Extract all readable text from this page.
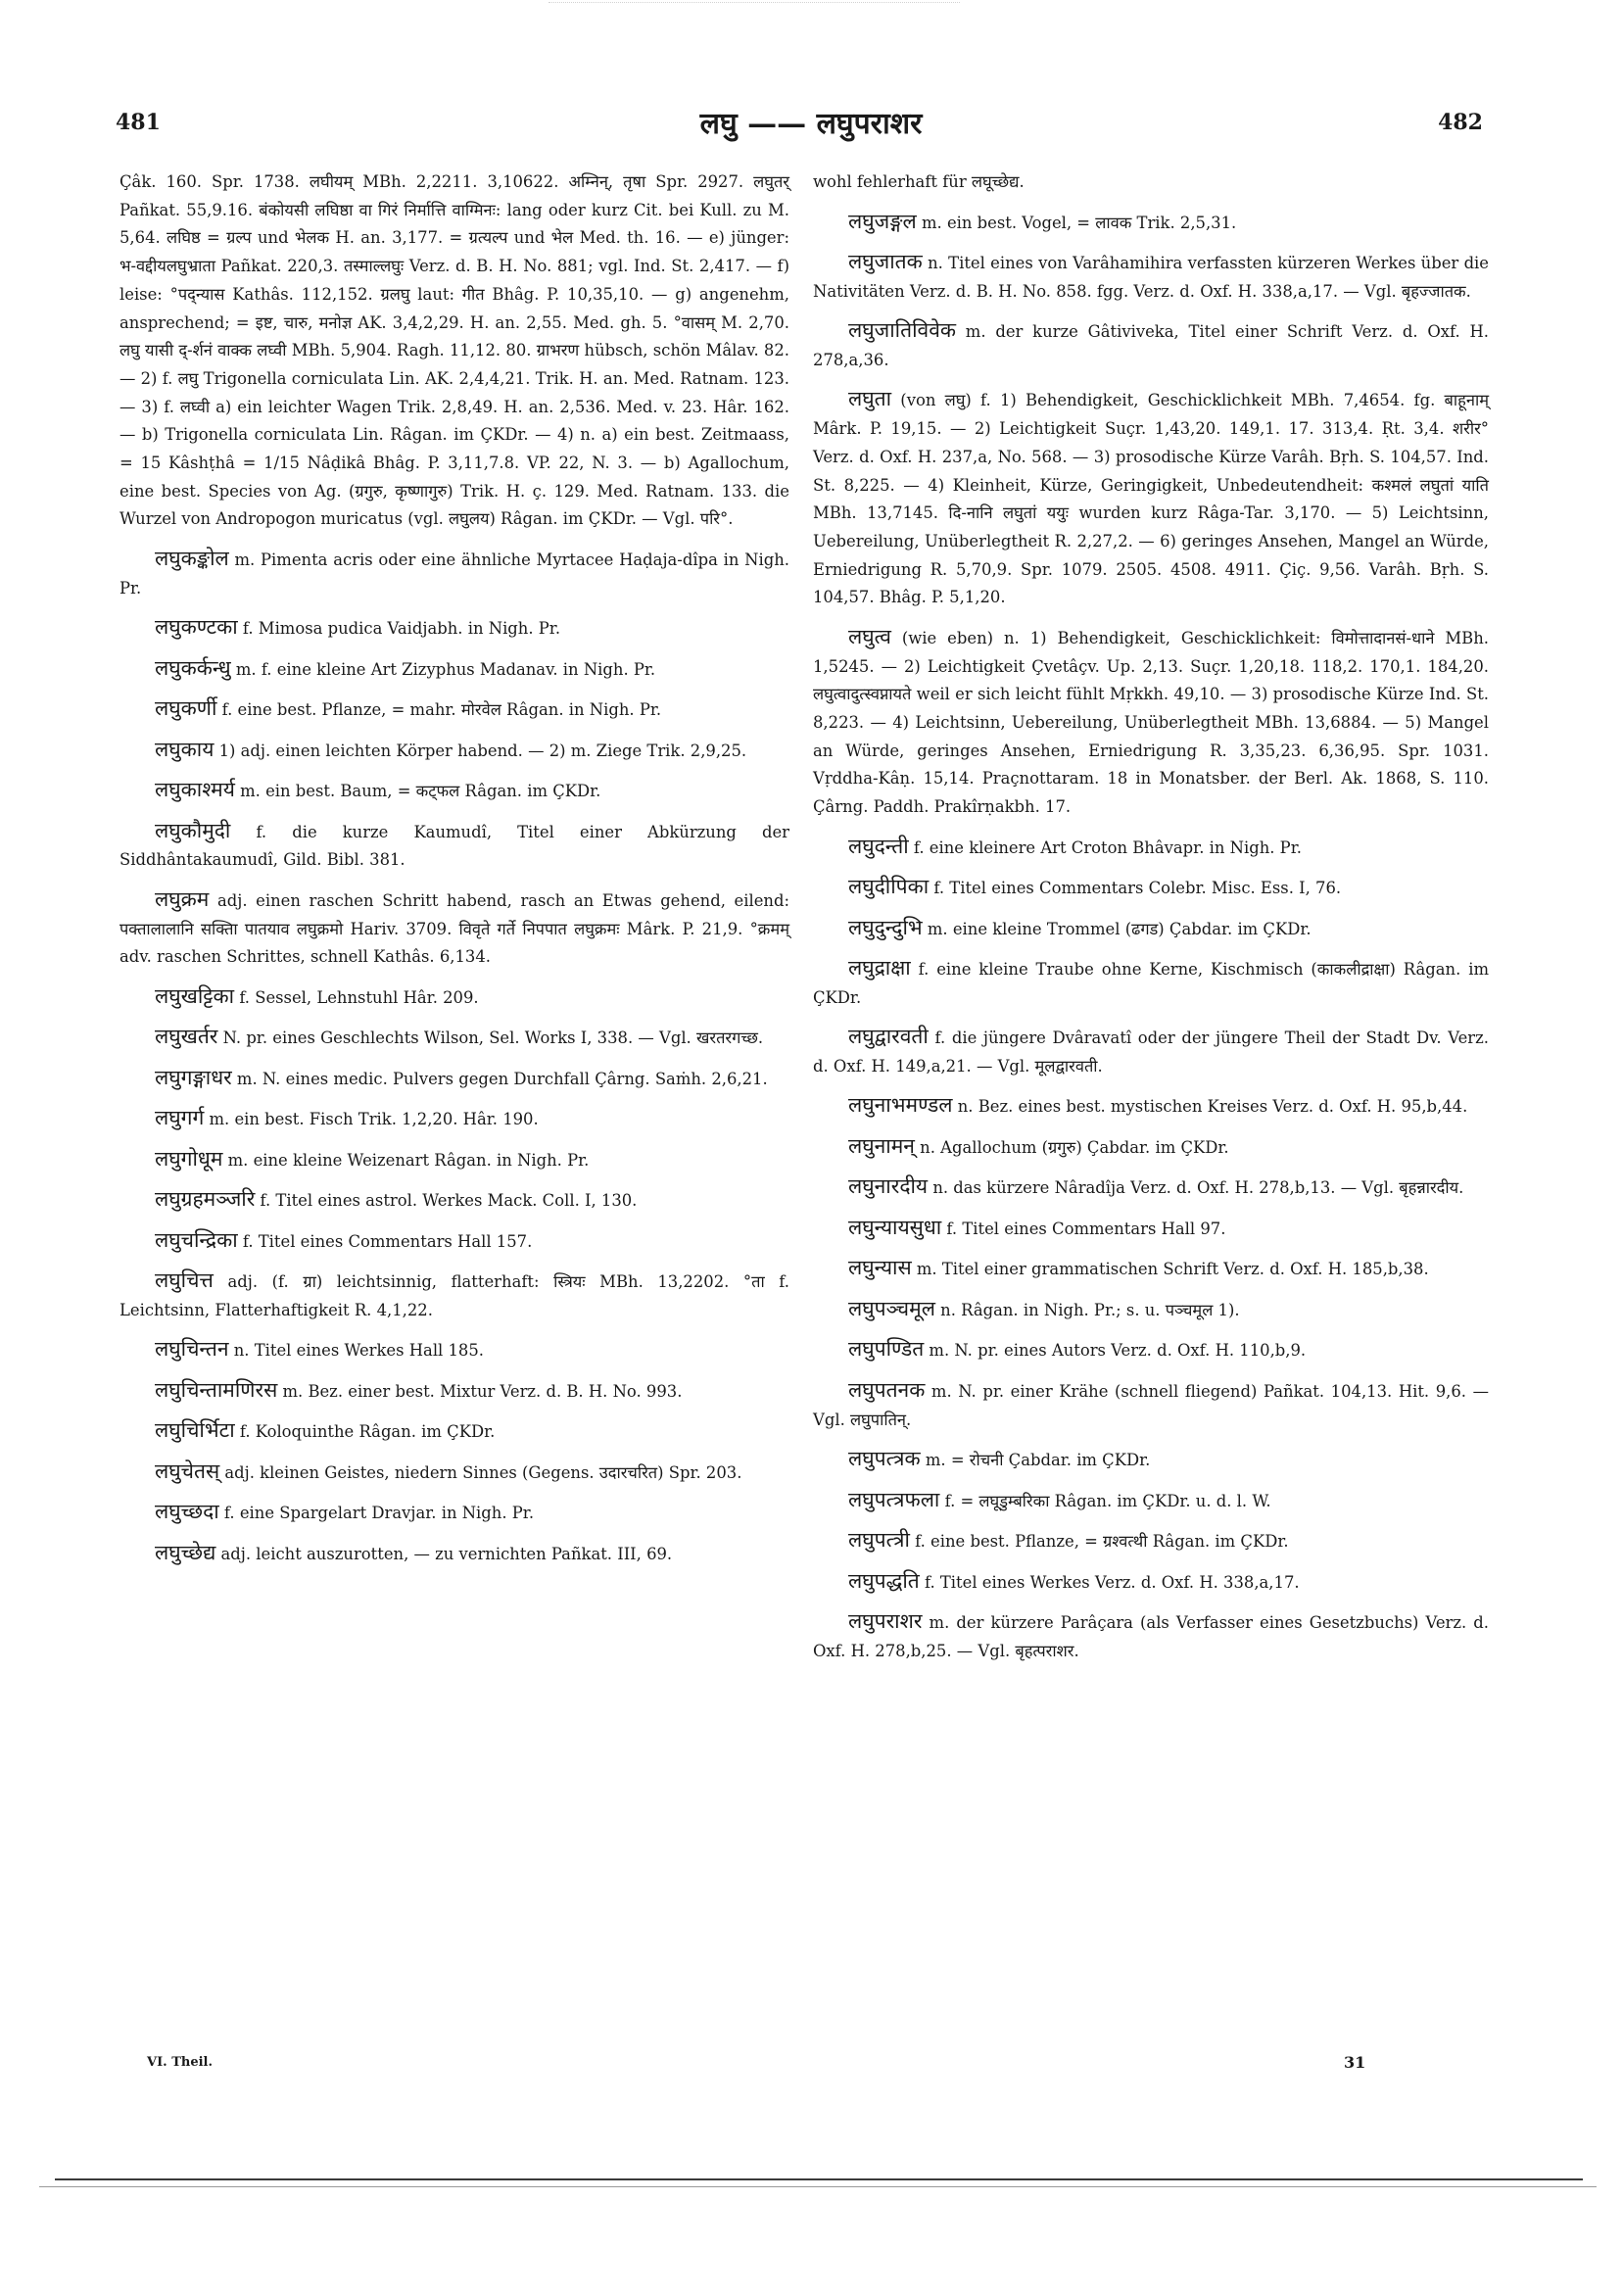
481	लघु —— लघुपराशर	482

Çâk. 160. Spr. 1738. लघीयम् MBh. 2,2211. 3,10622. अम्निन्, तृषा Spr. 2927. लघुतर् Pañkat. 55,9.16. बंकोयसी लघिष्ठा वा गिरं निर्मात्ति वाग्मिनः: lang oder kurz Cit. bei Kull. zu M. 5,64. लघिष्ठ = ग्रल्प und भेलक H. an. 3,177. = ग्रत्यल्प und भेल Med. th. 16. — e) jünger: भ-वद्दीयलघुभ्राता Pañkat. 220,3. तस्माल्लघुः Verz. d. B. H. No. 881; vgl. Ind. St. 2,417. — f) leise: °पद्न्यास Kathâs. 112,152. ग्रलघु laut: गीत Bhâg. P. 10,35,10. — g) angenehm, ansprechend; = इष्ट, चारु, मनोज्ञ AK. 3,4,2,29. H. an. 2,55. Med. gh. 5. °वासम् M. 2,70. लघु यासी द्-र्शनं वाक्क लघ्वी MBh. 5,904. Ragh. 11,12. 80. ग्राभरण hübsch, schön Mâlav. 82. — 2) f. लघु Trigonella corniculata Lin. AK. 2,4,4,21. Trik. H. an. Med. Ratnam. 123. — 3) f. लघ्वी a) ein leichter Wagen Trik. 2,8,49. H. an. 2,536. Med. v. 23. Hâr. 162. — b) Trigonella corniculata Lin. Râgan. im ÇKDr. — 4) n. a) ein best. Zeitmaass, = 15 Kâshṭhâ = 1/15 Nâḍikâ Bhâg. P. 3,11,7.8. VP. 22, N. 3. — b) Agallochum, eine best. Species von Ag. (ग्रगुरु, कृष्णागुरु) Trik. H. ç. 129. Med. Ratnam. 133. die Wurzel von Andropogon muricatus (vgl. लघुलय) Râgan. im ÇKDr. — Vgl. परि°.

लघुकङ्कोल m. Pimenta acris oder eine ähnliche Myrtacee Haḍaja-dîpa in Nigh. Pr.

लघुकण्टका f. Mimosa pudica Vaidjabh. in Nigh. Pr.

लघुकर्कन्धु m. f. eine kleine Art Zizyphus Madanav. in Nigh. Pr.

लघुकर्णी f. eine best. Pflanze, = mahr. मोरवेल Râgan. in Nigh. Pr.

लघुकाय 1) adj. einen leichten Körper habend. — 2) m. Ziege Trik. 2,9,25.

लघुकाश्मर्य m. ein best. Baum, = कट्फल Râgan. im ÇKDr.

लघुकौमुदी f. die kurze Kaumudî, Titel einer Abkürzung der Siddhântakaumudî, Gild. Bibl. 381.

लघुक्रम adj. einen raschen Schritt habend, rasch an Etwas gehend, eilend: पक्तालालानि सक्तिा पातयाव लघुक्रमो Hariv. 3709. विवृते गर्ते निपपात लघुक्रमः Mârk. P. 21,9. °क्रमम् adv. raschen Schrittes, schnell Kathâs. 6,134.

लघुखट्टिका f. Sessel, Lehnstuhl Hâr. 209.

लघुखर्तर N. pr. eines Geschlechts Wilson, Sel. Works I, 338. — Vgl. खरतरगच्छ.

लघुगङ्गाधर m. N. eines medic. Pulvers gegen Durchfall Çârng. Saṁh. 2,6,21.

लघुगर्ग m. ein best. Fisch Trik. 1,2,20. Hâr. 190.

लघुगोधूम m. eine kleine Weizenart Râgan. in Nigh. Pr.

लघुग्रहमञ्जरि f. Titel eines astrol. Werkes Mack. Coll. I, 130.

लघुचन्द्रिका f. Titel eines Commentars Hall 157.

लघुचित्त adj. (f. ग्रा) leichtsinnig, flatterhaft: स्त्रियः MBh. 13,2202. °ता f. Leichtsinn, Flatterhaftigkeit R. 4,1,22.

लघुचिन्तन n. Titel eines Werkes Hall 185.

लघुचिन्तामणिरस m. Bez. einer best. Mixtur Verz. d. B. H. No. 993.

लघुचिर्भिटा f. Koloquinthe Râgan. im ÇKDr.

लघुचेतस् adj. kleinen Geistes, niedern Sinnes (Gegens. उदारचरित) Spr. 203.

लघुच्छदा f. eine Spargelart Dravjar. in Nigh. Pr.

लघुच्छेद्य adj. leicht auszurotten, — zu vernichten Pañkat. III, 69.

wohl fehlerhaft für लघूच्छेद्य.

लघुजङ्गल m. ein best. Vogel, = लावक Trik. 2,5,31.

लघुजातक n. Titel eines von Varâhamihira verfassten kürzeren Werkes über die Nativitäten Verz. d. B. H. No. 858. fgg. Verz. d. Oxf. H. 338,a,17. — Vgl. बृहज्जातक.

लघुजातिविवेक m. der kurze Gâtiviveka, Titel einer Schrift Verz. d. Oxf. H. 278,a,36.

लघुता (von लघु) f. 1) Behendigkeit, Geschicklichkeit MBh. 7,4654. fg. बाहूनाम् Mârk. P. 19,15. — 2) Leichtigkeit Suçr. 1,43,20. 149,1. 17. 313,4. Ṛt. 3,4. शरीर° Verz. d. Oxf. H. 237,a, No. 568. — 3) prosodische Kürze Varâh. Bṛh. S. 104,57. Ind. St. 8,225. — 4) Kleinheit, Kürze, Geringigkeit, Unbedeutendheit: कश्मलं लघुतां याति MBh. 13,7145. दि-नानि लघुतां ययुः wurden kurz Râga-Tar. 3,170. — 5) Leichtsinn, Uebereilung, Unüberlegtheit R. 2,27,2. — 6) geringes Ansehen, Mangel an Würde, Erniedrigung R. 5,70,9. Spr. 1079. 2505. 4508. 4911. Çiç. 9,56. Varâh. Bṛh. S. 104,57. Bhâg. P. 5,1,20.

लघुत्व (wie eben) n. 1) Behendigkeit, Geschicklichkeit: विमोत्तादानसं-धाने MBh. 1,5245. — 2) Leichtigkeit Çvetâçv. Up. 2,13. Suçr. 1,20,18. 118,2. 170,1. 184,20. लघुत्वादुत्स्वप्नायते weil er sich leicht fühlt Mṛkkh. 49,10. — 3) prosodische Kürze Ind. St. 8,223. — 4) Leichtsinn, Uebereilung, Unüberlegtheit MBh. 13,6884. — 5) Mangel an Würde, geringes Ansehen, Erniedrigung R. 3,35,23. 6,36,95. Spr. 1031. Vṛddha-Kâṇ. 15,14. Praçnottaram. 18 in Monatsber. der Berl. Ak. 1868, S. 110. Çârng. Paddh. Prakîrṇakbh. 17.

लघुदन्ती f. eine kleinere Art Croton Bhâvapr. in Nigh. Pr.

लघुदीपिका f. Titel eines Commentars Colebr. Misc. Ess. I, 76.

लघुदुन्दुभि m. eine kleine Trommel (ढगड) Çabdar. im ÇKDr.

लघुद्राक्षा f. eine kleine Traube ohne Kerne, Kischmisch (काकलीद्राक्षा) Râgan. im ÇKDr.

लघुद्वारवती f. die jüngere Dvâravatî oder der jüngere Theil der Stadt Dv. Verz. d. Oxf. H. 149,a,21. — Vgl. मूलद्वारवती.

लघुनाभमण्डल n. Bez. eines best. mystischen Kreises Verz. d. Oxf. H. 95,b,44.

लघुनामन् n. Agallochum (ग्रगुरु) Çabdar. im ÇKDr.

लघुनारदीय n. das kürzere Nâradîja Verz. d. Oxf. H. 278,b,13. — Vgl. बृहन्नारदीय.

लघुन्यायसुधा f. Titel eines Commentars Hall 97.

लघुन्यास m. Titel einer grammatischen Schrift Verz. d. Oxf. H. 185,b,38.

लघुपञ्चमूल n. Râgan. in Nigh. Pr.; s. u. पञ्चमूल 1).

लघुपण्डित m. N. pr. eines Autors Verz. d. Oxf. H. 110,b,9.

लघुपतनक m. N. pr. einer Krähe (schnell fliegend) Pañkat. 104,13. Hit. 9,6. — Vgl. लघुपातिन्.

लघुपत्त्रक m. = रोचनी Çabdar. im ÇKDr.

लघुपत्त्रफला f. = लघूडुम्बरिका Râgan. im ÇKDr. u. d. l. W.

लघुपत्त्री f. eine best. Pflanze, = ग्रश्वत्थी Râgan. im ÇKDr.

लघुपद्धति f. Titel eines Werkes Verz. d. Oxf. H. 338,a,17.

लघुपराशर m. der kürzere Parâçara (als Verfasser eines Gesetzbuchs) Verz. d. Oxf. H. 278,b,25. — Vgl. बृहत्पराशर.

VI. Theil.	31
